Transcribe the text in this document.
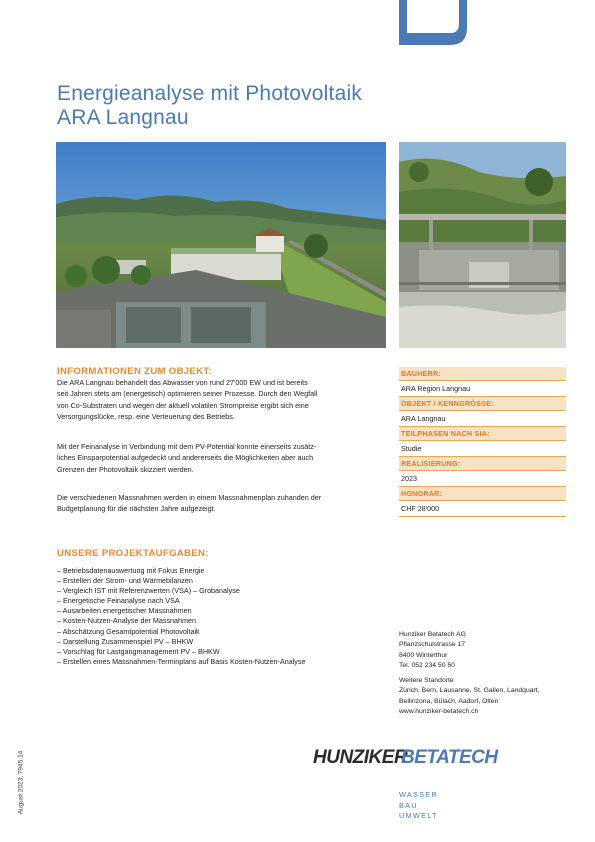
Energieanalyse mit Photovoltaik
ARA Langnau
INFORMATIONEN ZUM OBJEKT:
Die ARA Langnau behandelt das Abwasser von rund 27'000 EW und ist bereits
seit Jahren stets am (energetisch) optimieren seiner Prozesse. Durch den Wegfall
von Co-Substraten und wegen der aktuell volatilen Strompreise ergibt sich eine
Versorgungslücke, resp. eine Verteuerung des Betriebs.
Mit der Feinanalyse in Verbindung mit dem PV-Potential konnte einerseits zusätz-
liches Einsparpotential aufgedeckt und andererseits die Möglichkeiten aber auch
Grenzen der Photovoltaik skizziert werden.
Die verschiedenen Massnahmen werden in einem Massnahmenplan zuhanden der
Budgetplanung für die nächsten Jahre aufgezeigt.
BAUHERR:
ARA Region Langnau
OBJEKT / KENNGRÖSSE:
ARA Langnau
TEILPHASEN NACH SIA:
Studie
REALISIERUNG:
2023
HONORAR:
CHF 28'000
UNSERE PROJEKTAUFGABEN:
– Betriebsdatenauswertung mit Fokus Energie
– Erstellen der Strom- und Wärmebilanzen
– Vergleich IST mit Referenzwerten (VSA) – Grobanalyse
– Energetische Feinanalyse nach VSA
– Ausarbeiten energetischer Massnahmen
– Kosten-Nutzen-Analyse der Massnahmen
– Abschätzung Gesamtpotential Photovoltaik
– Darstellung Zusammenspiel PV – BHKW
– Vorschlag für Lastgangmanagement PV – BHKW
– Erstellen eines Massnahmen-Terminplans auf Basis Kosten-Nutzen-Analyse
Hunziker Betatech AG
Pflanzschulstrasse 17
8400 Winterthur
Tel. 052 234 50 50
Weitere Standorte
Zürich, Bern, Lausanne, St. Gallen, Landquart,
Bellinzona, Bülach, Aadorf, Olten
www.hunziker-betatech.ch
HUNZIKER
BETATECH
WASSER
BAU
UMWELT
August 2023, 7945.14
